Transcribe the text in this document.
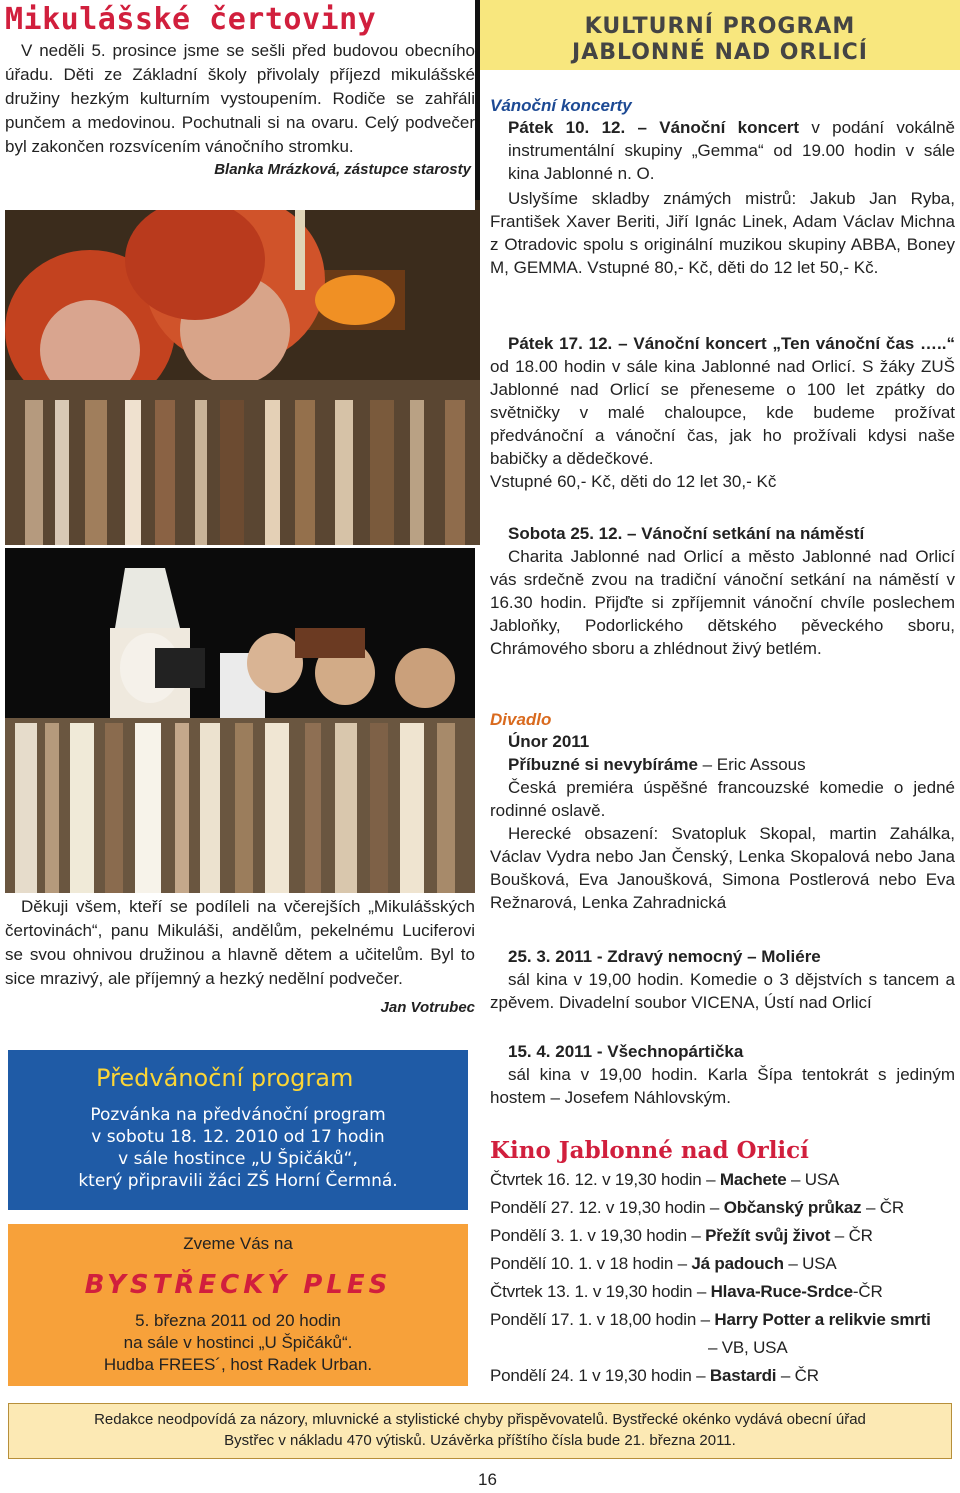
Mikulášské čertoviny
V neděli 5. prosince jsme se sešli před budovou obecního úřadu. Děti ze Základní školy přivolaly příjezd mikulášské družiny hezkým kulturním vystoupením. Rodiče se zahřáli punčem a medovinou. Pochutnali si na ovaru. Celý podvečer byl zakončen rozsvícením vánočního stromku.
Blanka Mrázková, zástupce starosty
Děkuji všem, kteří se podíleli na včerejších „Mikulášských čertovinách“, panu Mikuláši, andělům, pekelnému Luciferovi se svou ohnivou družinou a hlavně dětem a učitelům. Byl to sice mrazivý, ale příjemný a hezký nedělní podvečer.
Jan Votrubec
Předvánoční program
Pozvánka na předvánoční program
v sobotu 18. 12. 2010 od 17 hodin
v sále hostince „U Špičáků“,
který připravili žáci ZŠ Horní Čermná.
Zveme Vás na
BYSTŘECKÝ PLES
5. března 2011 od 20 hodin
na sále v hostinci „U Špičáků“.
Hudba FREES´, host Radek Urban.
KULTURNÍ PROGRAM
JABLONNÉ NAD ORLICÍ
Vánoční koncerty
Pátek 10. 12. – Vánoční koncert v podání vokálně instrumentální skupiny „Gemma“ od 19.00 hodin v sále kina Jablonné n. O.
Uslyšíme skladby známých mistrů: Jakub Jan Ryba, František Xaver Beriti, Jiří Ignác Linek, Adam Václav Michna z Otradovic spolu s originální muzikou skupiny ABBA, Boney M, GEMMA. Vstupné 80,- Kč, děti do 12 let 50,- Kč.
Pátek 17. 12. – Vánoční koncert „Ten vánoční čas …..“ od 18.00 hodin v sále kina Jablonné nad Orlicí. S žáky ZUŠ Jablonné nad Orlicí se přeneseme o 100 let zpátky do světničky v malé chaloupce, kde budeme prožívat předvánoční a vánoční čas, jak ho prožívali kdysi naše babičky a dědečkové.
Vstupné 60,- Kč, děti do 12 let 30,- Kč
Sobota 25. 12. – Vánoční setkání na náměstí
Charita Jablonné nad Orlicí a město Jablonné nad Orlicí vás srdečně zvou na tradiční vánoční setkání na náměstí v 16.30 hodin. Přijďte si zpříjemnit vánoční chvíle poslechem Jabloňky, Podorlického dětského pěveckého sboru, Chrámového sboru a zhlédnout živý betlém.
Divadlo
Únor 2011
Příbuzné si nevybíráme – Eric Assous
Česká premiéra úspěšné francouzské komedie o jedné rodinné oslavě.
Herecké obsazení: Svatopluk Skopal, martin Zahálka, Václav Vydra nebo Jan Čenský, Lenka Skopalová nebo Jana Boušková, Eva Janoušková, Simona Postlerová nebo Eva Režnarová, Lenka Zahradnická
25. 3. 2011 - Zdravý nemocný – Moliére
sál kina v 19,00 hodin. Komedie o 3 dějstvích s tancem a zpěvem. Divadelní soubor VICENA, Ústí nad Orlicí
15. 4. 2011 - Všechnopártička
sál kina v 19,00 hodin. Karla Šípa tentokrát s jediným hostem – Josefem Náhlovským.
Kino Jablonné nad Orlicí
Čtvrtek 16. 12. v 19,30 hodin – Machete – USA
Pondělí 27. 12. v 19,30 hodin – Občanský průkaz – ČR
Pondělí 3. 1. v 19,30 hodin – Přežít svůj život – ČR
Pondělí 10. 1. v 18 hodin – Já padouch – USA
Čtvrtek 13. 1. v 19,30 hodin – Hlava-Ruce-Srdce-ČR
Pondělí 17. 1. v 18,00 hodin – Harry Potter a relikvie smrti
– VB, USA
Pondělí 24. 1 v 19,30 hodin – Bastardi – ČR
Redakce neodpovídá za názory, mluvnické a stylistické chyby přispěvovatelů. Bystřecké okénko vydává obecní úřad
Bystřec v nákladu 470 výtisků. Uzávěrka příštího čísla bude 21. března 2011.
16
